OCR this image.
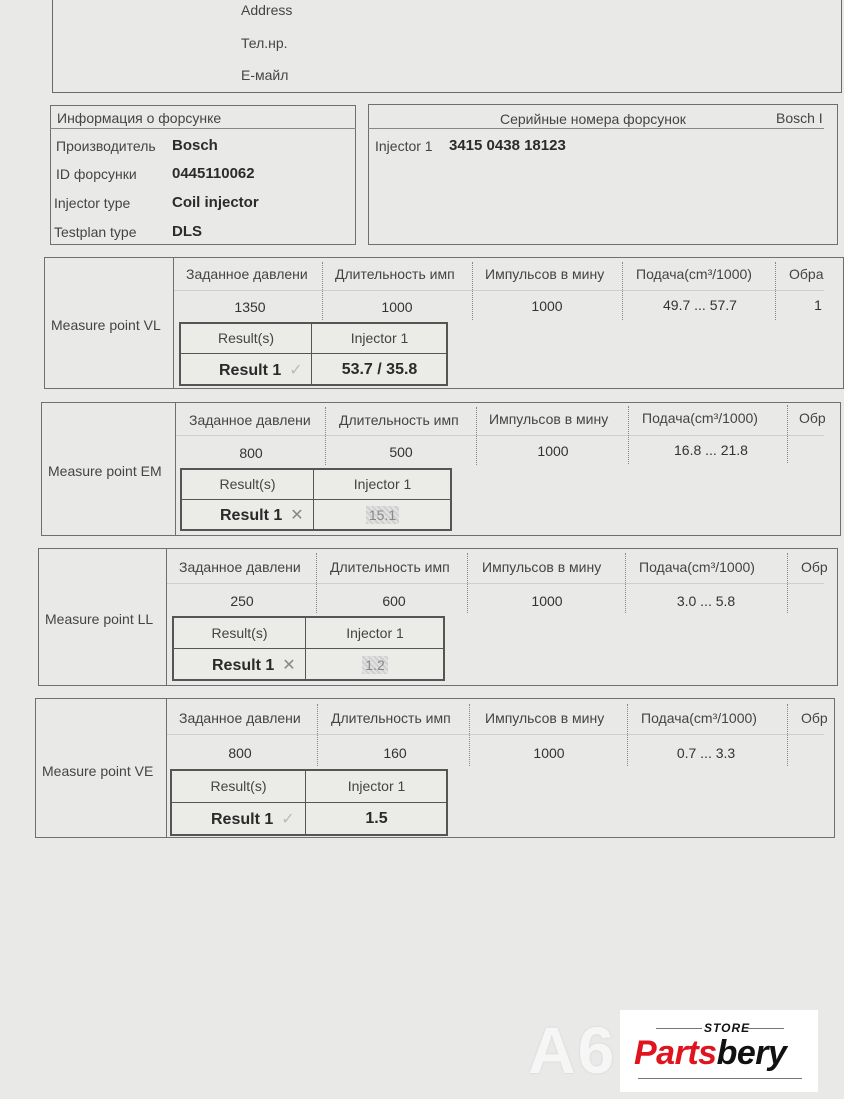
Address
Тел.нр.
Е-майл
Информация о форсунке
Производитель Bosch
ID форсунки 0445110062
Injector type	Coil injector
Testplan type DLS
Серийные номера форсунок	Bosch I
Injector 1 3415 0438 18123
Measure point VL
Заданное давлени	Длительность имп	Импульсов в мину	Подача(cm³/1000)	Обра
1350	1000	1000	49.7 ... 57.7	1
Result(s)	Injector 1
Result 1 ✓	53.7 / 35.8
Measure point EM
Заданное давлени	Длительность имп	Импульсов в мину	Подача(cm³/1000)	Обр
800	500	1000	16.8 ... 21.8
Result(s)	Injector 1
Result 1 ✕	15.1
Measure point LL
Заданное давлени	Длительность имп	Импульсов в мину	Подача(cm³/1000)	Обр
250	600	1000	3.0 ... 5.8
Result(s)	Injector 1
Result 1 ✕	1.2
Measure point VE
Заданное давлени	Длительность имп	Импульсов в мину	Подача(cm³/1000)	Обр
800	160	1000	0.7 ... 3.3
Result(s)	Injector 1
Result 1 ✓	1.5
A6	STORE
Partsbery
